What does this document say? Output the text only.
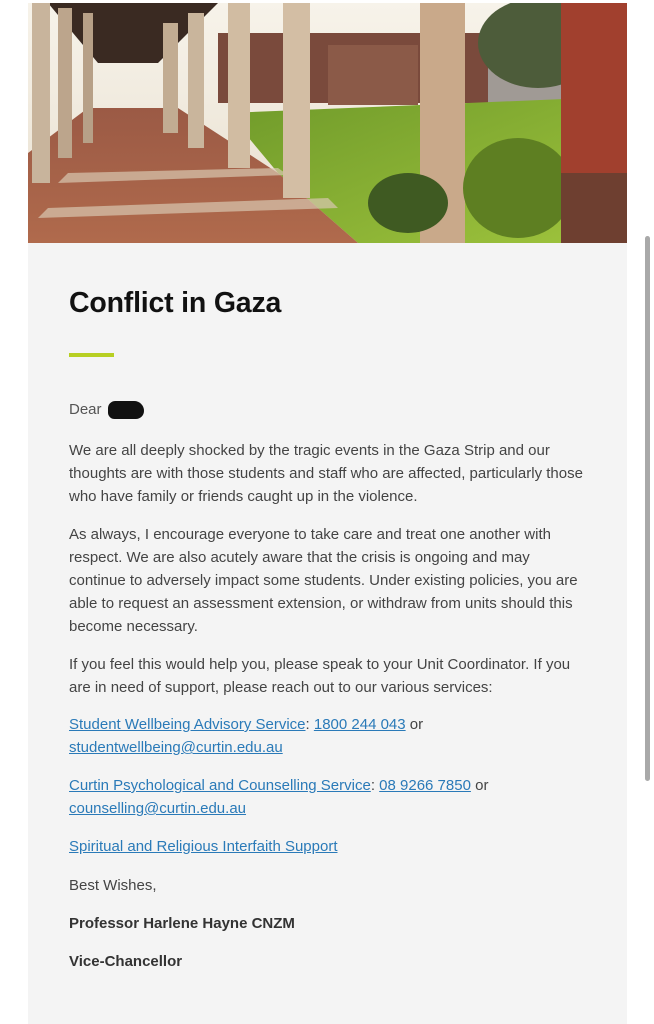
Conflict in Gaza
Dear

We are all deeply shocked by the tragic events in the Gaza Strip and our thoughts are with those students and staff who are affected, particularly those who have family or friends caught up in the violence.

As always, I encourage everyone to take care and treat one another with respect. We are also acutely aware that the crisis is ongoing and may continue to adversely impact some students. Under existing policies, you are able to request an assessment extension, or withdraw from units should this become necessary.

If you feel this would help you, please speak to your Unit Coordinator. If you are in need of support, please reach out to our various services:

Student Wellbeing Advisory Service: 1800 244 043 or
studentwellbeing@curtin.edu.au

Curtin Psychological and Counselling Service: 08 9266 7850 or
counselling@curtin.edu.au

Spiritual and Religious Interfaith Support

Best Wishes,

Professor Harlene Hayne CNZM

Vice-Chancellor
